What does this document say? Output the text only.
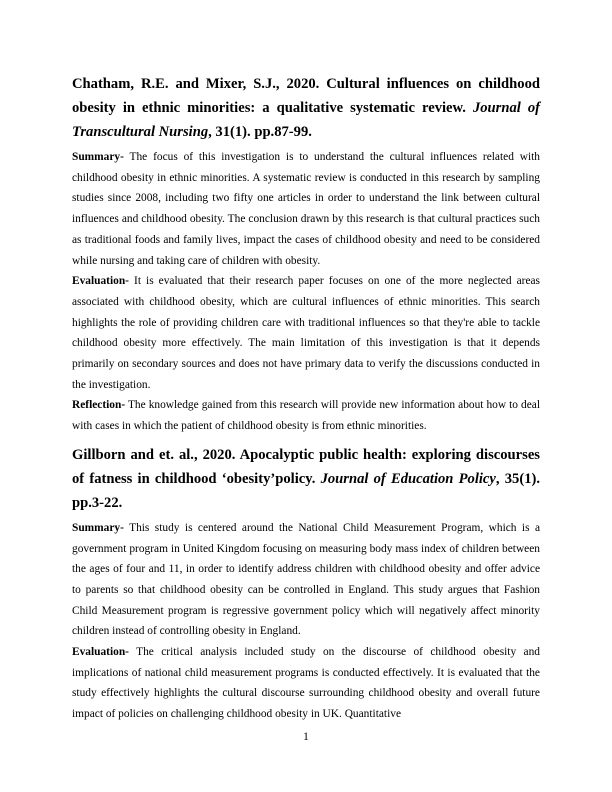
Chatham, R.E. and Mixer, S.J., 2020. Cultural influences on childhood obesity in ethnic minorities: a qualitative systematic review. Journal of Transcultural Nursing, 31(1). pp.87-99.

Summary- The focus of this investigation is to understand the cultural influences related with childhood obesity in ethnic minorities. A systematic review is conducted in this research by sampling studies since 2008, including two fifty one articles in order to understand the link between cultural influences and childhood obesity. The conclusion drawn by this research is that cultural practices such as traditional foods and family lives, impact the cases of childhood obesity and need to be considered while nursing and taking care of children with obesity.

Evaluation- It is evaluated that their research paper focuses on one of the more neglected areas associated with childhood obesity, which are cultural influences of ethnic minorities. This search highlights the role of providing children care with traditional influences so that they're able to tackle childhood obesity more effectively. The main limitation of this investigation is that it depends primarily on secondary sources and does not have primary data to verify the discussions conducted in the investigation.

Reflection- The knowledge gained from this research will provide new information about how to deal with cases in which the patient of childhood obesity is from ethnic minorities.

Gillborn and et. al., 2020. Apocalyptic public health: exploring discourses of fatness in childhood ‘obesity’policy. Journal of Education Policy, 35(1). pp.3-22.

Summary- This study is centered around the National Child Measurement Program, which is a government program in United Kingdom focusing on measuring body mass index of children between the ages of four and 11, in order to identify address children with childhood obesity and offer advice to parents so that childhood obesity can be controlled in England. This study argues that Fashion Child Measurement program is regressive government policy which will negatively affect minority children instead of controlling obesity in England.

Evaluation- The critical analysis included study on the discourse of childhood obesity and implications of national child measurement programs is conducted effectively. It is evaluated that the study effectively highlights the cultural discourse surrounding childhood obesity and overall future impact of policies on challenging childhood obesity in UK. Quantitative

1
